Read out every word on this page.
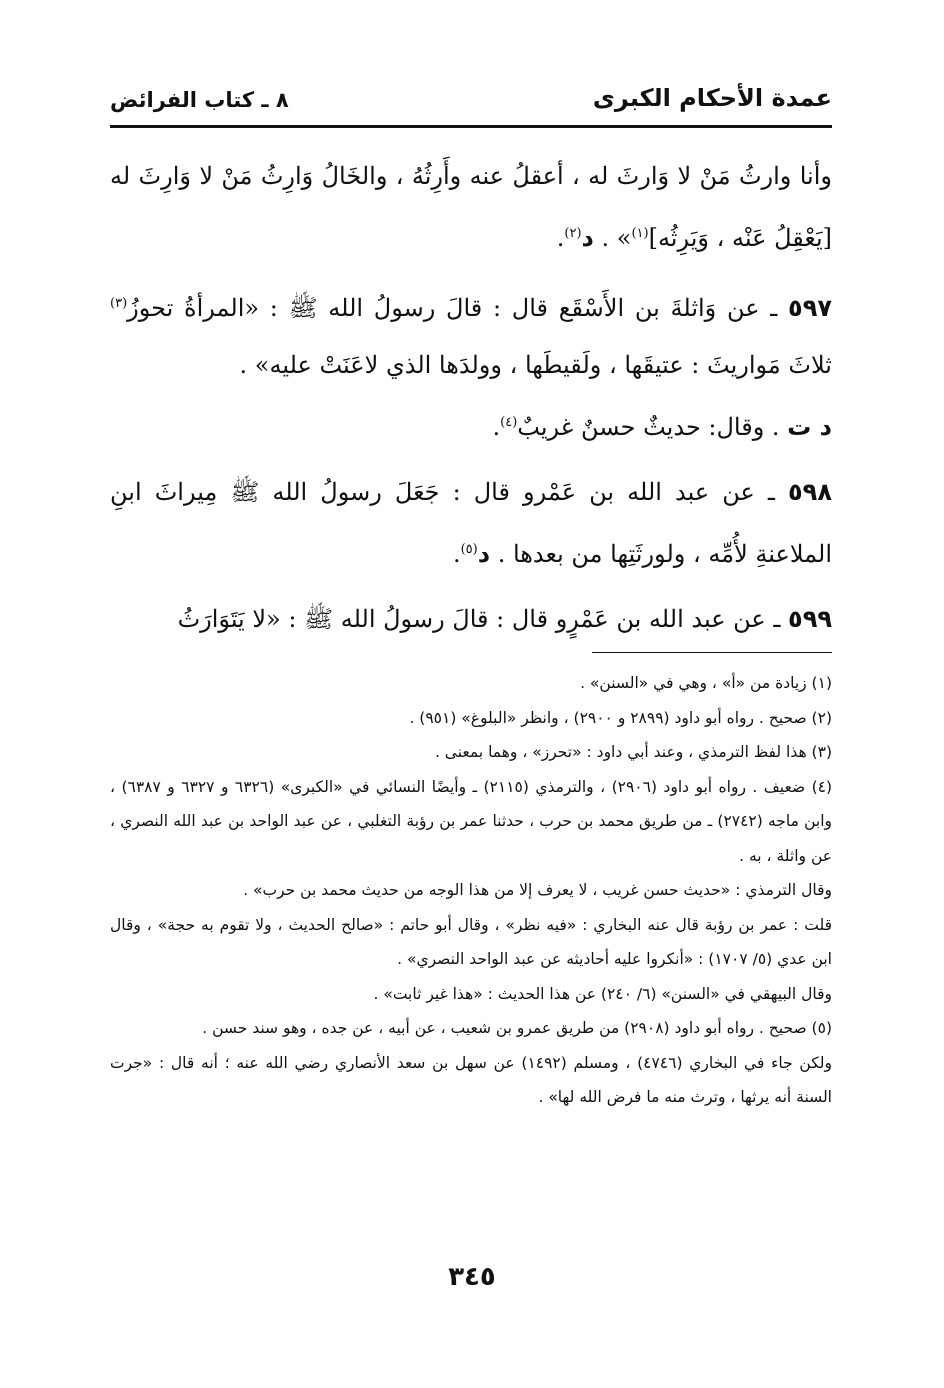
عمدة الأحكام الكبرى
٨ ـ كتاب الفرائض

وأنا وارثُ مَنْ لا وَارثَ له ، أعقلُ عنه وأَرِثُهُ ، والخَالُ وَارِثُ مَنْ لا وَارِثَ له [يَعْقِلُ عَنْه ، وَيَرِثُه]$^{(١)}$» . د$^{(٢)}$.

٥٩٧ ـ عن وَاثلةَ بن الأَسْقَع قال : قالَ رسولُ الله ﷺ : «المرأةُ تحوزُ$^{(٣)}$ ثلاثَ مَواريثَ : عتيقَها ، ولَقيطَها ، وولدَها الذي لاعَنَتْ عليه» .
د ت . وقال: حديثٌ حسنٌ غريبٌ$^{(٤)}$.

٥٩٨ ـ عن عبد الله بن عَمْرو قال : جَعَلَ رسولُ الله ﷺ مِيراثَ ابنِ الملاعنةِ لأُمِّه ، ولورثَتِها من بعدها . د$^{(٥)}$.

٥٩٩ ـ عن عبد الله بن عَمْرٍو قال : قالَ رسولُ الله ﷺ : «لا يَتَوَارَثُ

(١) زيادة من «أ» ، وهي في «السنن» .

(٢) صحيح . رواه أبو داود (٢٨٩٩ و ٢٩٠٠) ، وانظر «البلوغ» (٩٥١) .

(٣) هذا لفظ الترمذي ، وعند أبي داود : «تحرز» ، وهما بمعنى .

(٤) ضعيف . رواه أبو داود (٢٩٠٦) ، والترمذي (٢١١٥) ـ وأيضًا النسائي في «الكبرى» (٦٣٢٦ و ٦٣٢٧ و ٦٣٨٧) ، وابن ماجه (٢٧٤٢) ـ من طريق محمد بن حرب ، حدثنا عمر بن رؤبة التغلبي ، عن عبد الواحد بن عبد الله النصري ، عن واثلة ، به .

وقال الترمذي : «حديث حسن غريب ، لا يعرف إلا من هذا الوجه من حديث محمد بن حرب» .

قلت : عمر بن رؤبة قال عنه البخاري : «فيه نظر» ، وقال أبو حاتم : «صالح الحديث ، ولا تقوم به حجة» ، وقال ابن عدي (٥/ ١٧٠٧) : «أنكروا عليه أحاديثه عن عبد الواحد النصري» .

وقال البيهقي في «السنن» (٦/ ٢٤٠) عن هذا الحديث : «هذا غير ثابت» .

(٥) صحيح . رواه أبو داود (٢٩٠٨) من طريق عمرو بن شعيب ، عن أبيه ، عن جده ، وهو سند حسن .

ولكن جاء في البخاري (٤٧٤٦) ، ومسلم (١٤٩٢) عن سهل بن سعد الأنصاري رضي الله عنه ؛ أنه قال : «جرت السنة أنه يرثها ، وترث منه ما فرض الله لها» .

٣٤٥
